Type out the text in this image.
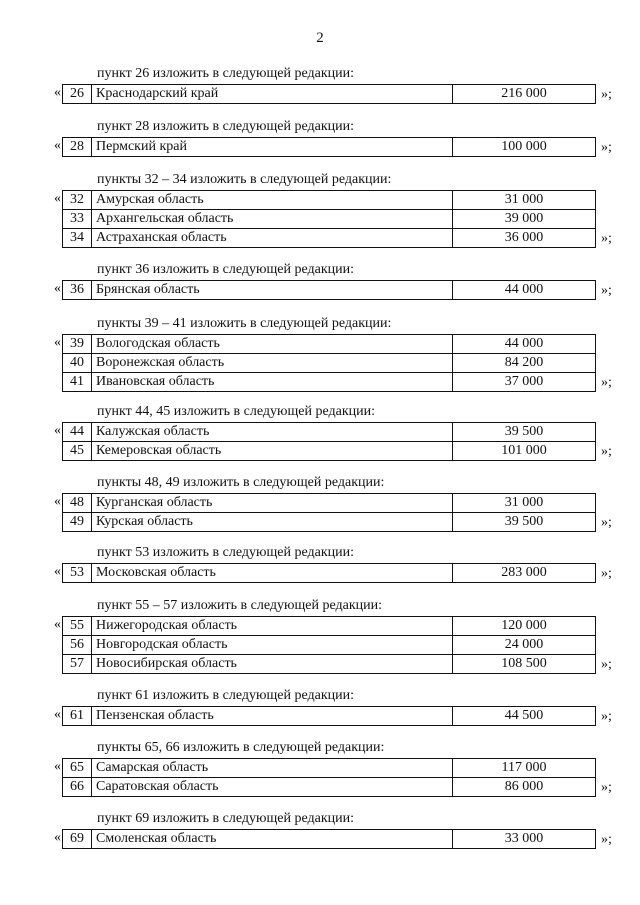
2
пункт 26 изложить в следующей редакции:
« 26	Краснодарский край	216 000	»;
пункт 28 изложить в следующей редакции:
« 28	Пермский край	100 000	»;
пункты 32 – 34 изложить в следующей редакции:
« 32	Амурская область	31 000
33	Архангельская область	39 000
34	Астраханская область	36 000	»;
пункт 36 изложить в следующей редакции:
« 36	Брянская область	44 000	»;
пункты 39 – 41 изложить в следующей редакции:
« 39	Вологодская область	44 000
40	Воронежская область	84 200
41	Ивановская область	37 000	»;
пункт 44, 45 изложить в следующей редакции:
« 44	Калужская область	39 500
45	Кемеровская область	101 000	»;
пункты 48, 49 изложить в следующей редакции:
« 48	Курганская область	31 000
49	Курская область	39 500	»;
пункт 53 изложить в следующей редакции:
« 53	Московская область	283 000	»;
пункт 55 – 57 изложить в следующей редакции:
« 55	Нижегородская область	120 000
56	Новгородская область	24 000
57	Новосибирская область	108 500	»;
пункт 61 изложить в следующей редакции:
« 61	Пензенская область	44 500	»;
пункты 65, 66 изложить в следующей редакции:
« 65	Самарская область	117 000
66	Саратовская область	86 000	»;
пункт 69 изложить в следующей редакции:
« 69	Смоленская область	33 000	»;
